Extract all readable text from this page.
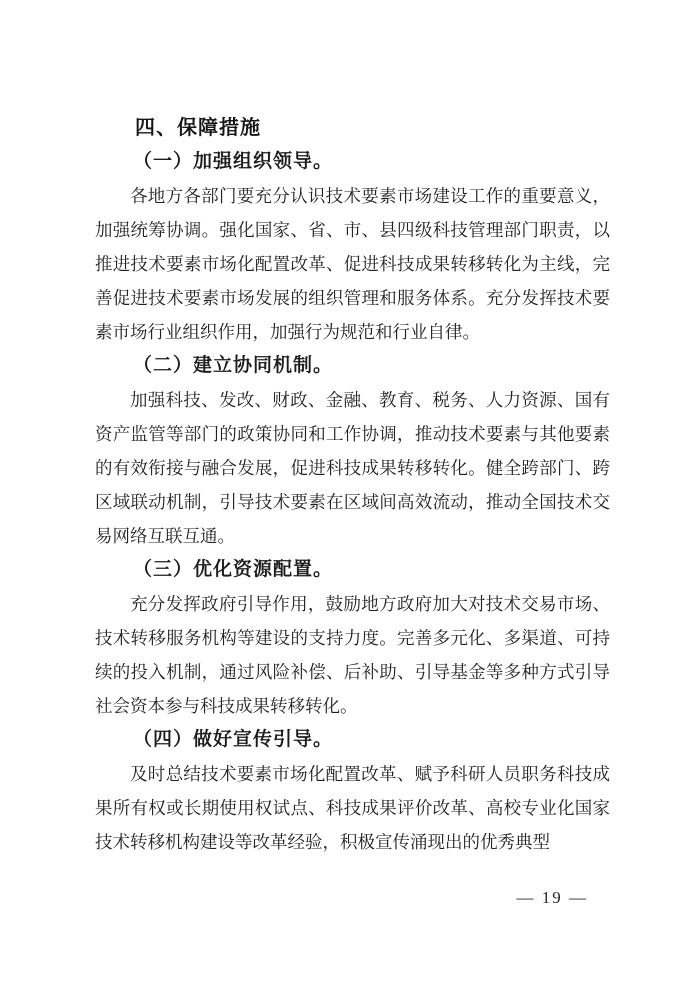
四、保障措施
（一）加强组织领导。

各地方各部门要充分认识技术要素市场建设工作的重要意义，加强统筹协调。强化国家、省、市、县四级科技管理部门职责，以推进技术要素市场化配置改革、促进科技成果转移转化为主线，完善促进技术要素市场发展的组织管理和服务体系。充分发挥技术要素市场行业组织作用，加强行为规范和行业自律。

（二）建立协同机制。

加强科技、发改、财政、金融、教育、税务、人力资源、国有资产监管等部门的政策协同和工作协调，推动技术要素与其他要素的有效衔接与融合发展，促进科技成果转移转化。健全跨部门、跨区域联动机制，引导技术要素在区域间高效流动，推动全国技术交易网络互联互通。

（三）优化资源配置。

充分发挥政府引导作用，鼓励地方政府加大对技术交易市场、技术转移服务机构等建设的支持力度。完善多元化、多渠道、可持续的投入机制，通过风险补偿、后补助、引导基金等多种方式引导社会资本参与科技成果转移转化。

（四）做好宣传引导。

及时总结技术要素市场化配置改革、赋予科研人员职务科技成果所有权或长期使用权试点、科技成果评价改革、高校专业化国家技术转移机构建设等改革经验，积极宣传涌现出的优秀典型

— 19 —
